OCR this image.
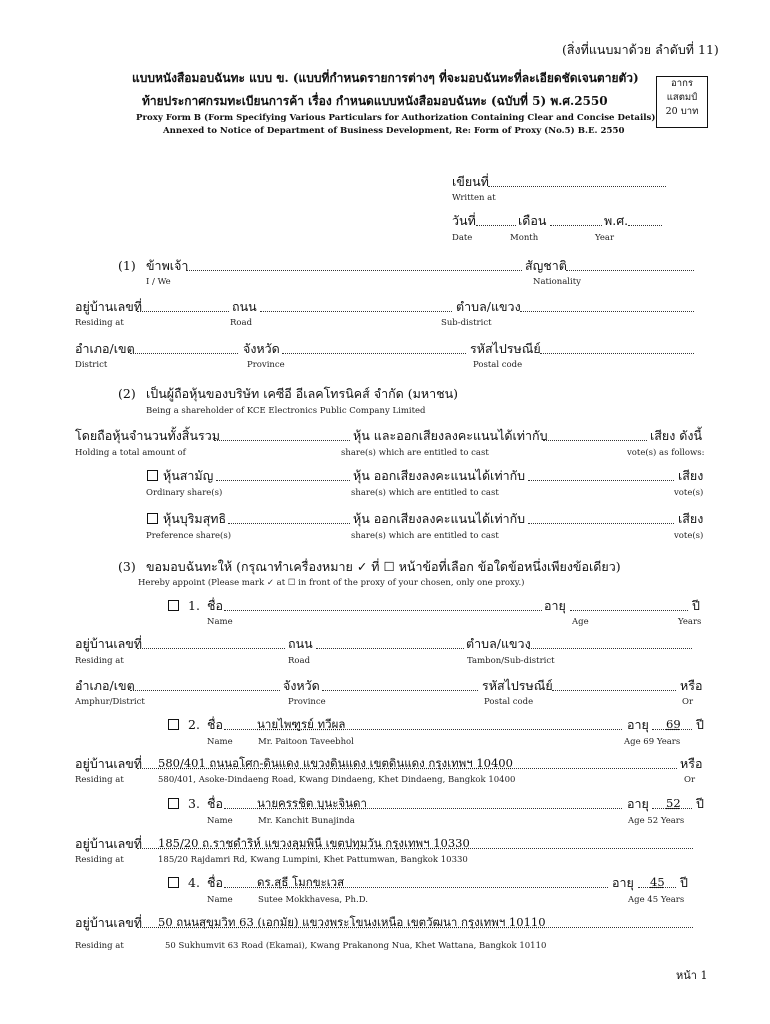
(สิ่งที่แนบมาด้วย ลำดับที่ 11)
แบบหนังสือมอบฉันทะ แบบ ข. (แบบที่กำหนดรายการต่างๆ ที่จะมอบฉันทะที่ละเอียดชัดเจนตายตัว)
ท้ายประกาศกรมทะเบียนการค้า เรื่อง กำหนดแบบหนังสือมอบฉันทะ (ฉบับที่ 5) พ.ศ.2550
Proxy Form B (Form Specifying Various Particulars for Authorization Containing Clear and Concise Details)
Annexed to Notice of Department of Business Development, Re: Form of Proxy (No.5) B.E. 2550
อากร
แสตมป์
20 บาท
เขียนที่
Written at
วันที่	เดือน	พ.ศ.
Date	Month	Year
(1) ข้าพเจ้า	สัญชาติ
I / We	Nationality
อยู่บ้านเลขที่	ถนน	ตำบล/แขวง
Residing at	Road	Sub-district
อำเภอ/เขต	จังหวัด	รหัสไปรษณีย์
District	Province	Postal code
(2) เป็นผู้ถือหุ้นของบริษัท เคซีอี อีเลคโทรนิคส์ จำกัด (มหาชน)
Being a shareholder of KCE Electronics Public Company Limited
โดยถือหุ้นจำนวนทั้งสิ้นรวม	หุ้น และออกเสียงลงคะแนนได้เท่ากับ	เสียง ดังนี้
Holding a total amount of	share(s) which are entitled to cast	vote(s) as follows:
หุ้นสามัญ	หุ้น ออกเสียงลงคะแนนได้เท่ากับ	เสียง
Ordinary share(s)	share(s) which are entitled to cast	vote(s)
หุ้นบุริมสุทธิ	หุ้น ออกเสียงลงคะแนนได้เท่ากับ	เสียง
Preference share(s)	share(s) which are entitled to cast	vote(s)
(3) ขอมอบฉันทะให้ (กรุณาทำเครื่องหมาย ✓ ที่ ☐ หน้าข้อที่เลือก ข้อใดข้อหนึ่งเพียงข้อเดียว)
Hereby appoint (Please mark ✓ at ☐ in front of the proxy of your chosen, only one proxy.)
1. ชื่อ	อายุ	ปี
Name	Age	Years
อยู่บ้านเลขที่	ถนน	ตำบล/แขวง
Residing at	Road	Tambon/Sub-district
อำเภอ/เขต	จังหวัด	รหัสไปรษณีย์	หรือ
Amphur/District	Province	Postal code	Or
2. ชื่อ	นายไพฑูรย์ ทวีผล	อายุ 69 ปี
Name	Mr. Paitoon Taveebhol	Age 69 Years
อยู่บ้านเลขที่ 580/401 ถนนอโศก-ดินแดง แขวงดินแดง เขตดินแดง กรุงเทพฯ 10400	หรือ
Residing at	580/401, Asoke-Dindaeng Road, Kwang Dindaeng, Khet Dindaeng, Bangkok 10400	Or
3. ชื่อ	นายครรชิต บุนะจินดา	อายุ 52 ปี
Name	Mr. Kanchit Bunajinda	Age 52 Years
อยู่บ้านเลขที่ 185/20 ถ.ราชดำริห์ แขวงลุมพินี เขตปทุมวัน กรุงเทพฯ 10330
Residing at	185/20 Rajdamri Rd, Kwang Lumpini, Khet Pattumwan, Bangkok 10330
4. ชื่อ	ดร.สุธี โมกขะเวส	อายุ 45 ปี
Name	Sutee Mokkhavesa, Ph.D.	Age 45 Years
อยู่บ้านเลขที่ 50 ถนนสุขุมวิท 63 (เอกมัย) แขวงพระโขนงเหนือ เขตวัฒนา กรุงเทพฯ 10110
Residing at	50 Sukhumvit 63 Road (Ekamai), Kwang Prakanong Nua, Khet Wattana, Bangkok 10110
หน้า 1
